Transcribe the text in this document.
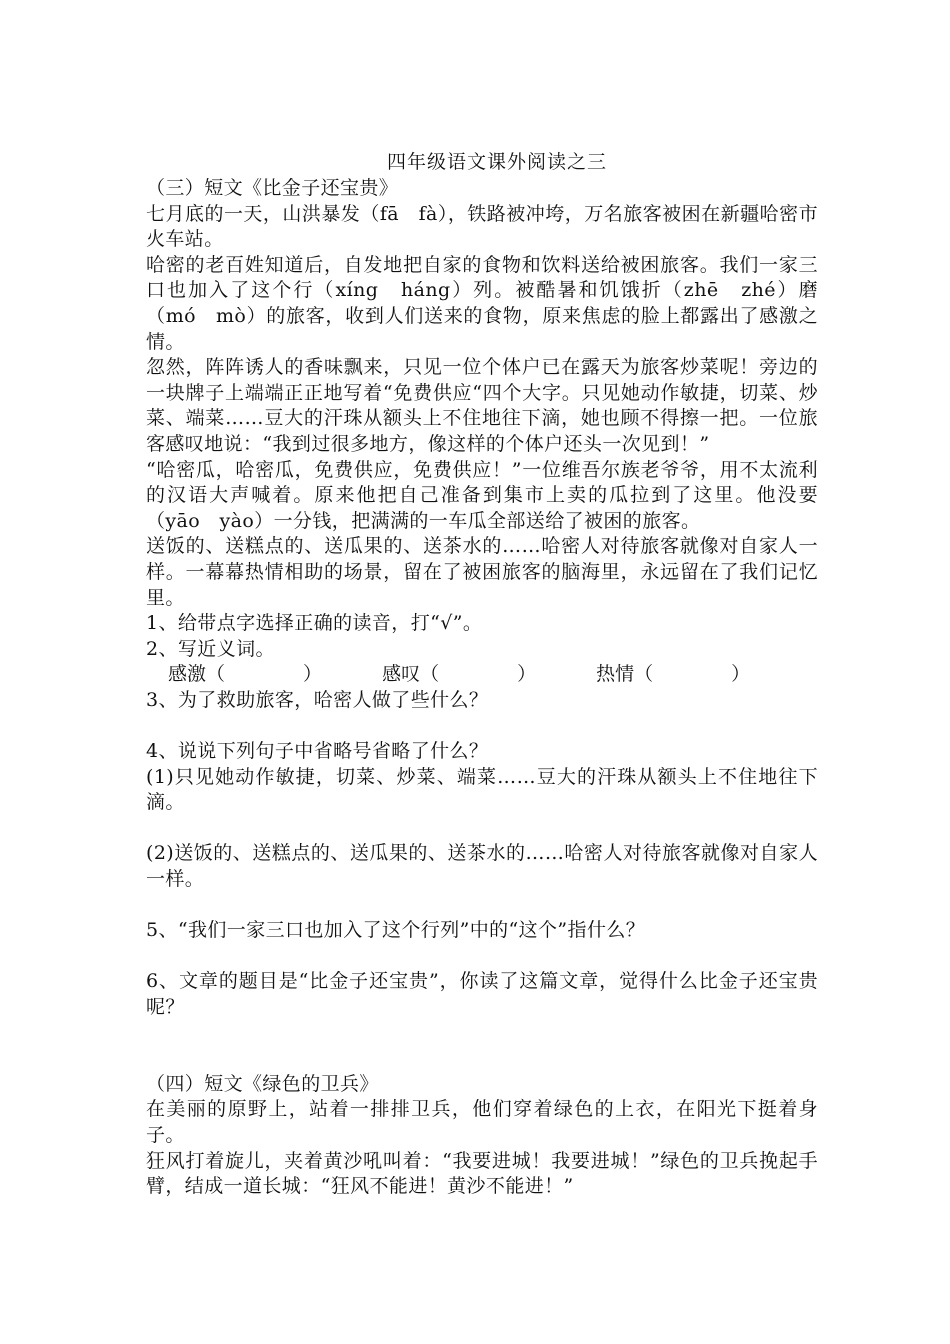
四年级语文课外阅读之三

（三）短文《比金子还宝贵》

七月底的一天，山洪暴发（fā　fà），铁路被冲垮，万名旅客被困在新疆哈密市火车站。

哈密的老百姓知道后，自发地把自家的食物和饮料送给被困旅客。我们一家三口也加入了这个行（xíng　háng）列。被酷暑和饥饿折（zhē　zhé）磨（mó　mò）的旅客，收到人们送来的食物，原来焦虑的脸上都露出了感激之情。

忽然，阵阵诱人的香味飘来，只见一位个体户已在露天为旅客炒菜呢！旁边的一块牌子上端端正正地写着“免费供应“四个大字。只见她动作敏捷，切菜、炒菜、端菜……豆大的汗珠从额头上不住地往下滴，她也顾不得擦一把。一位旅客感叹地说：“我到过很多地方，像这样的个体户还头一次见到！”

“哈密瓜，哈密瓜，免费供应，免费供应！”一位维吾尔族老爷爷，用不太流利的汉语大声喊着。原来他把自己准备到集市上卖的瓜拉到了这里。他没要（yāo　yào）一分钱，把满满的一车瓜全部送给了被困的旅客。

送饭的、送糕点的、送瓜果的、送茶水的……哈密人对待旅客就像对自家人一样。一幕幕热情相助的场景，留在了被困旅客的脑海里，永远留在了我们记忆里。

1、给带点字选择正确的读音，打“√”。

2、写近义词。

感激（	）	感叹（	）	热情（	）

3、为了救助旅客，哈密人做了些什么？

4、说说下列句子中省略号省略了什么？

(1)只见她动作敏捷，切菜、炒菜、端菜……豆大的汗珠从额头上不住地往下滴。

(2)送饭的、送糕点的、送瓜果的、送茶水的……哈密人对待旅客就像对自家人一样。

5、“我们一家三口也加入了这个行列”中的“这个”指什么？

6、文章的题目是“比金子还宝贵”，你读了这篇文章，觉得什么比金子还宝贵呢？

（四）短文《绿色的卫兵》

在美丽的原野上，站着一排排卫兵，他们穿着绿色的上衣，在阳光下挺着身子。

狂风打着旋儿，夹着黄沙吼叫着：“我要进城！我要进城！”绿色的卫兵挽起手臂，结成一道长城：“狂风不能进！黄沙不能进！”
